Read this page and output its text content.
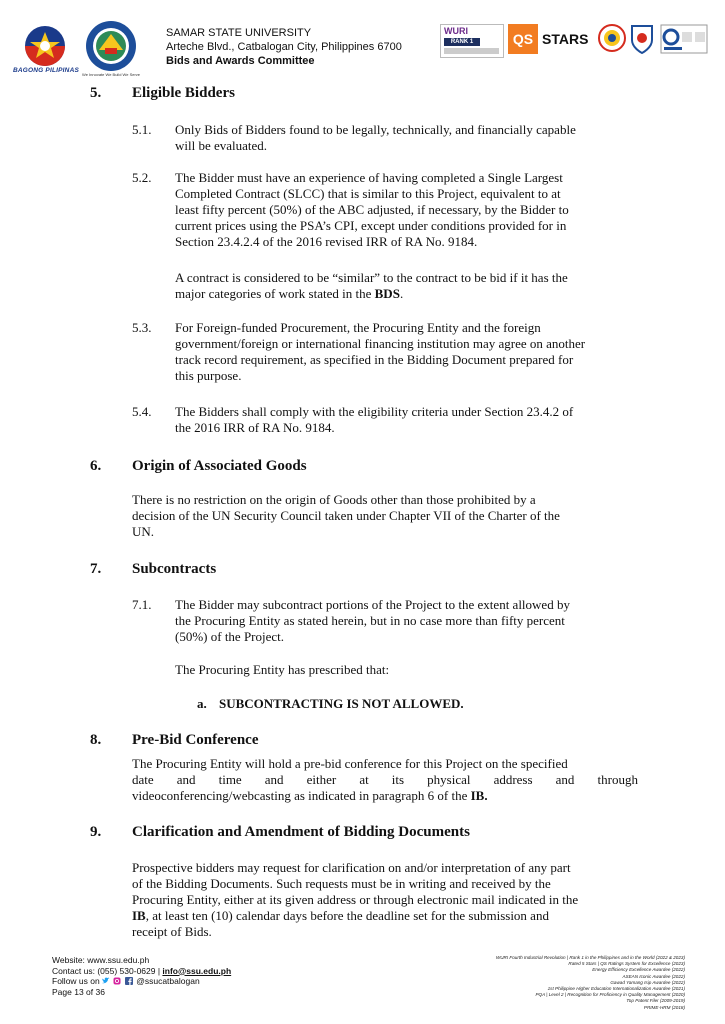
BAGONG PILIPINAS
We Innovate We Build We Serve
SAMAR STATE UNIVERSITY
Arteche Blvd., Catbalogan City, Philippines 6700
Bids and Awards Committee
WURI
RANK 1	QS STARS
5. Eligible Bidders
5.1. Only Bids of Bidders found to be legally, technically, and financially capable
will be evaluated.
5.2. The Bidder must have an experience of having completed a Single Largest
Completed Contract (SLCC) that is similar to this Project, equivalent to at
least fifty percent (50%) of the ABC adjusted, if necessary, by the Bidder to
current prices using the PSA’s CPI, except under conditions provided for in
Section 23.4.2.4 of the 2016 revised IRR of RA No. 9184.
A contract is considered to be “similar” to the contract to be bid if it has the
major categories of work stated in the BDS.
5.3. For Foreign-funded Procurement, the Procuring Entity and the foreign
government/foreign or international financing institution may agree on another
track record requirement, as specified in the Bidding Document prepared for
this purpose.
5.4. The Bidders shall comply with the eligibility criteria under Section 23.4.2 of
the 2016 IRR of RA No. 9184.
6. Origin of Associated Goods
There is no restriction on the origin of Goods other than those prohibited by a
decision of the UN Security Council taken under Chapter VII of the Charter of the
UN.
7. Subcontracts
7.1. The Bidder may subcontract portions of the Project to the extent allowed by
the Procuring Entity as stated herein, but in no case more than fifty percent
(50%) of the Project.
The Procuring Entity has prescribed that:
a. SUBCONTRACTING IS NOT ALLOWED.
8. Pre-Bid Conference
The Procuring Entity will hold a pre-bid conference for this Project on the specified
date and time and either at its physical address and through
videoconferencing/webcasting as indicated in paragraph 6 of the IB.
9. Clarification and Amendment of Bidding Documents
Prospective bidders may request for clarification on and/or interpretation of any part
of the Bidding Documents. Such requests must be in writing and received by the
Procuring Entity, either at its given address or through electronic mail indicated in the
IB, at least ten (10) calendar days before the deadline set for the submission and
receipt of Bids.
Website: www.ssu.edu.ph
Contact us: (055) 530-0629 | info@ssu.edu.ph
Follow us on	@ssucatbalogan
Page 13 of 36
WURI Fourth Industrial Revolution | Rank 1 in the Philippines and in the World (2022 & 2023)
Rated 5 Stars | QS Ratings System for Excellence (2023)
Energy Efficiency Excellence Awardee (2022)
ASEAN Iconic Awardee (2022)
Gawad Yamang Isip Awardee (2022)
1st Philippine Higher Education Internationalization Awardee (2021)
PQA | Level 2 | Recognition for Proficiency in Quality Management (2020)
Top Patent Filer (2009-2019)
PRIME-HRM (2018)
